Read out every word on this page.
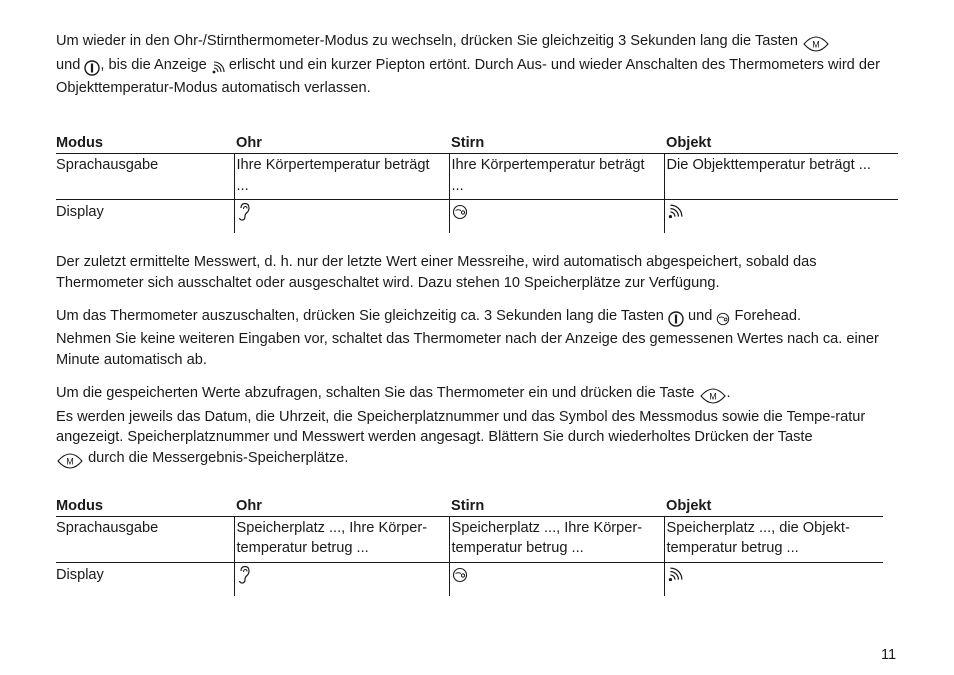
Um wieder in den Ohr-/Stirnthermometer-Modus zu wechseln, drücken Sie gleichzeitig 3 Sekunden lang die Tasten M

und , bis die Anzeige erlischt und ein kurzer Piepton ertönt. Durch Aus- und wieder Anschalten des Thermometers wird der Objekttemperatur-Modus automatisch verlassen.

Modus	Ohr	Stirn	Objekt
Sprachausgabe	Ihre Körpertemperatur beträgt ...	Ihre Körpertemperatur beträgt ...	Die Objekttemperatur beträgt ...
Display			

Der zuletzt ermittelte Messwert, d. h. nur der letzte Wert einer Messreihe, wird automatisch abgespeichert, sobald das Thermometer sich ausschaltet oder ausgeschaltet wird. Dazu stehen 10 Speicherplätze zur Verfügung.

Um das Thermometer auszuschalten, drücken Sie gleichzeitig ca. 3 Sekunden lang die Tasten und Forehead.
Nehmen Sie keine weiteren Eingaben vor, schaltet das Thermometer nach der Anzeige des gemessenen Wertes nach ca. einer Minute automatisch ab.

Um die gespeicherten Werte abzufragen, schalten Sie das Thermometer ein und drücken die Taste M .
Es werden jeweils das Datum, die Uhrzeit, die Speicherplatznummer und das Symbol des Messmodus sowie die Tempe-ratur angezeigt. Speicherplatznummer und Messwert werden angesagt. Blättern Sie durch wiederholtes Drücken der Taste

M durch die Messergebnis-Speicherplätze.

Modus	Ohr	Stirn	Objekt
Sprachausgabe	Speicherplatz ..., Ihre Körper-temperatur betrug ...	Speicherplatz ..., Ihre Körper-temperatur betrug ...	Speicherplatz ..., die Objekt-temperatur betrug ...
Display			
11
